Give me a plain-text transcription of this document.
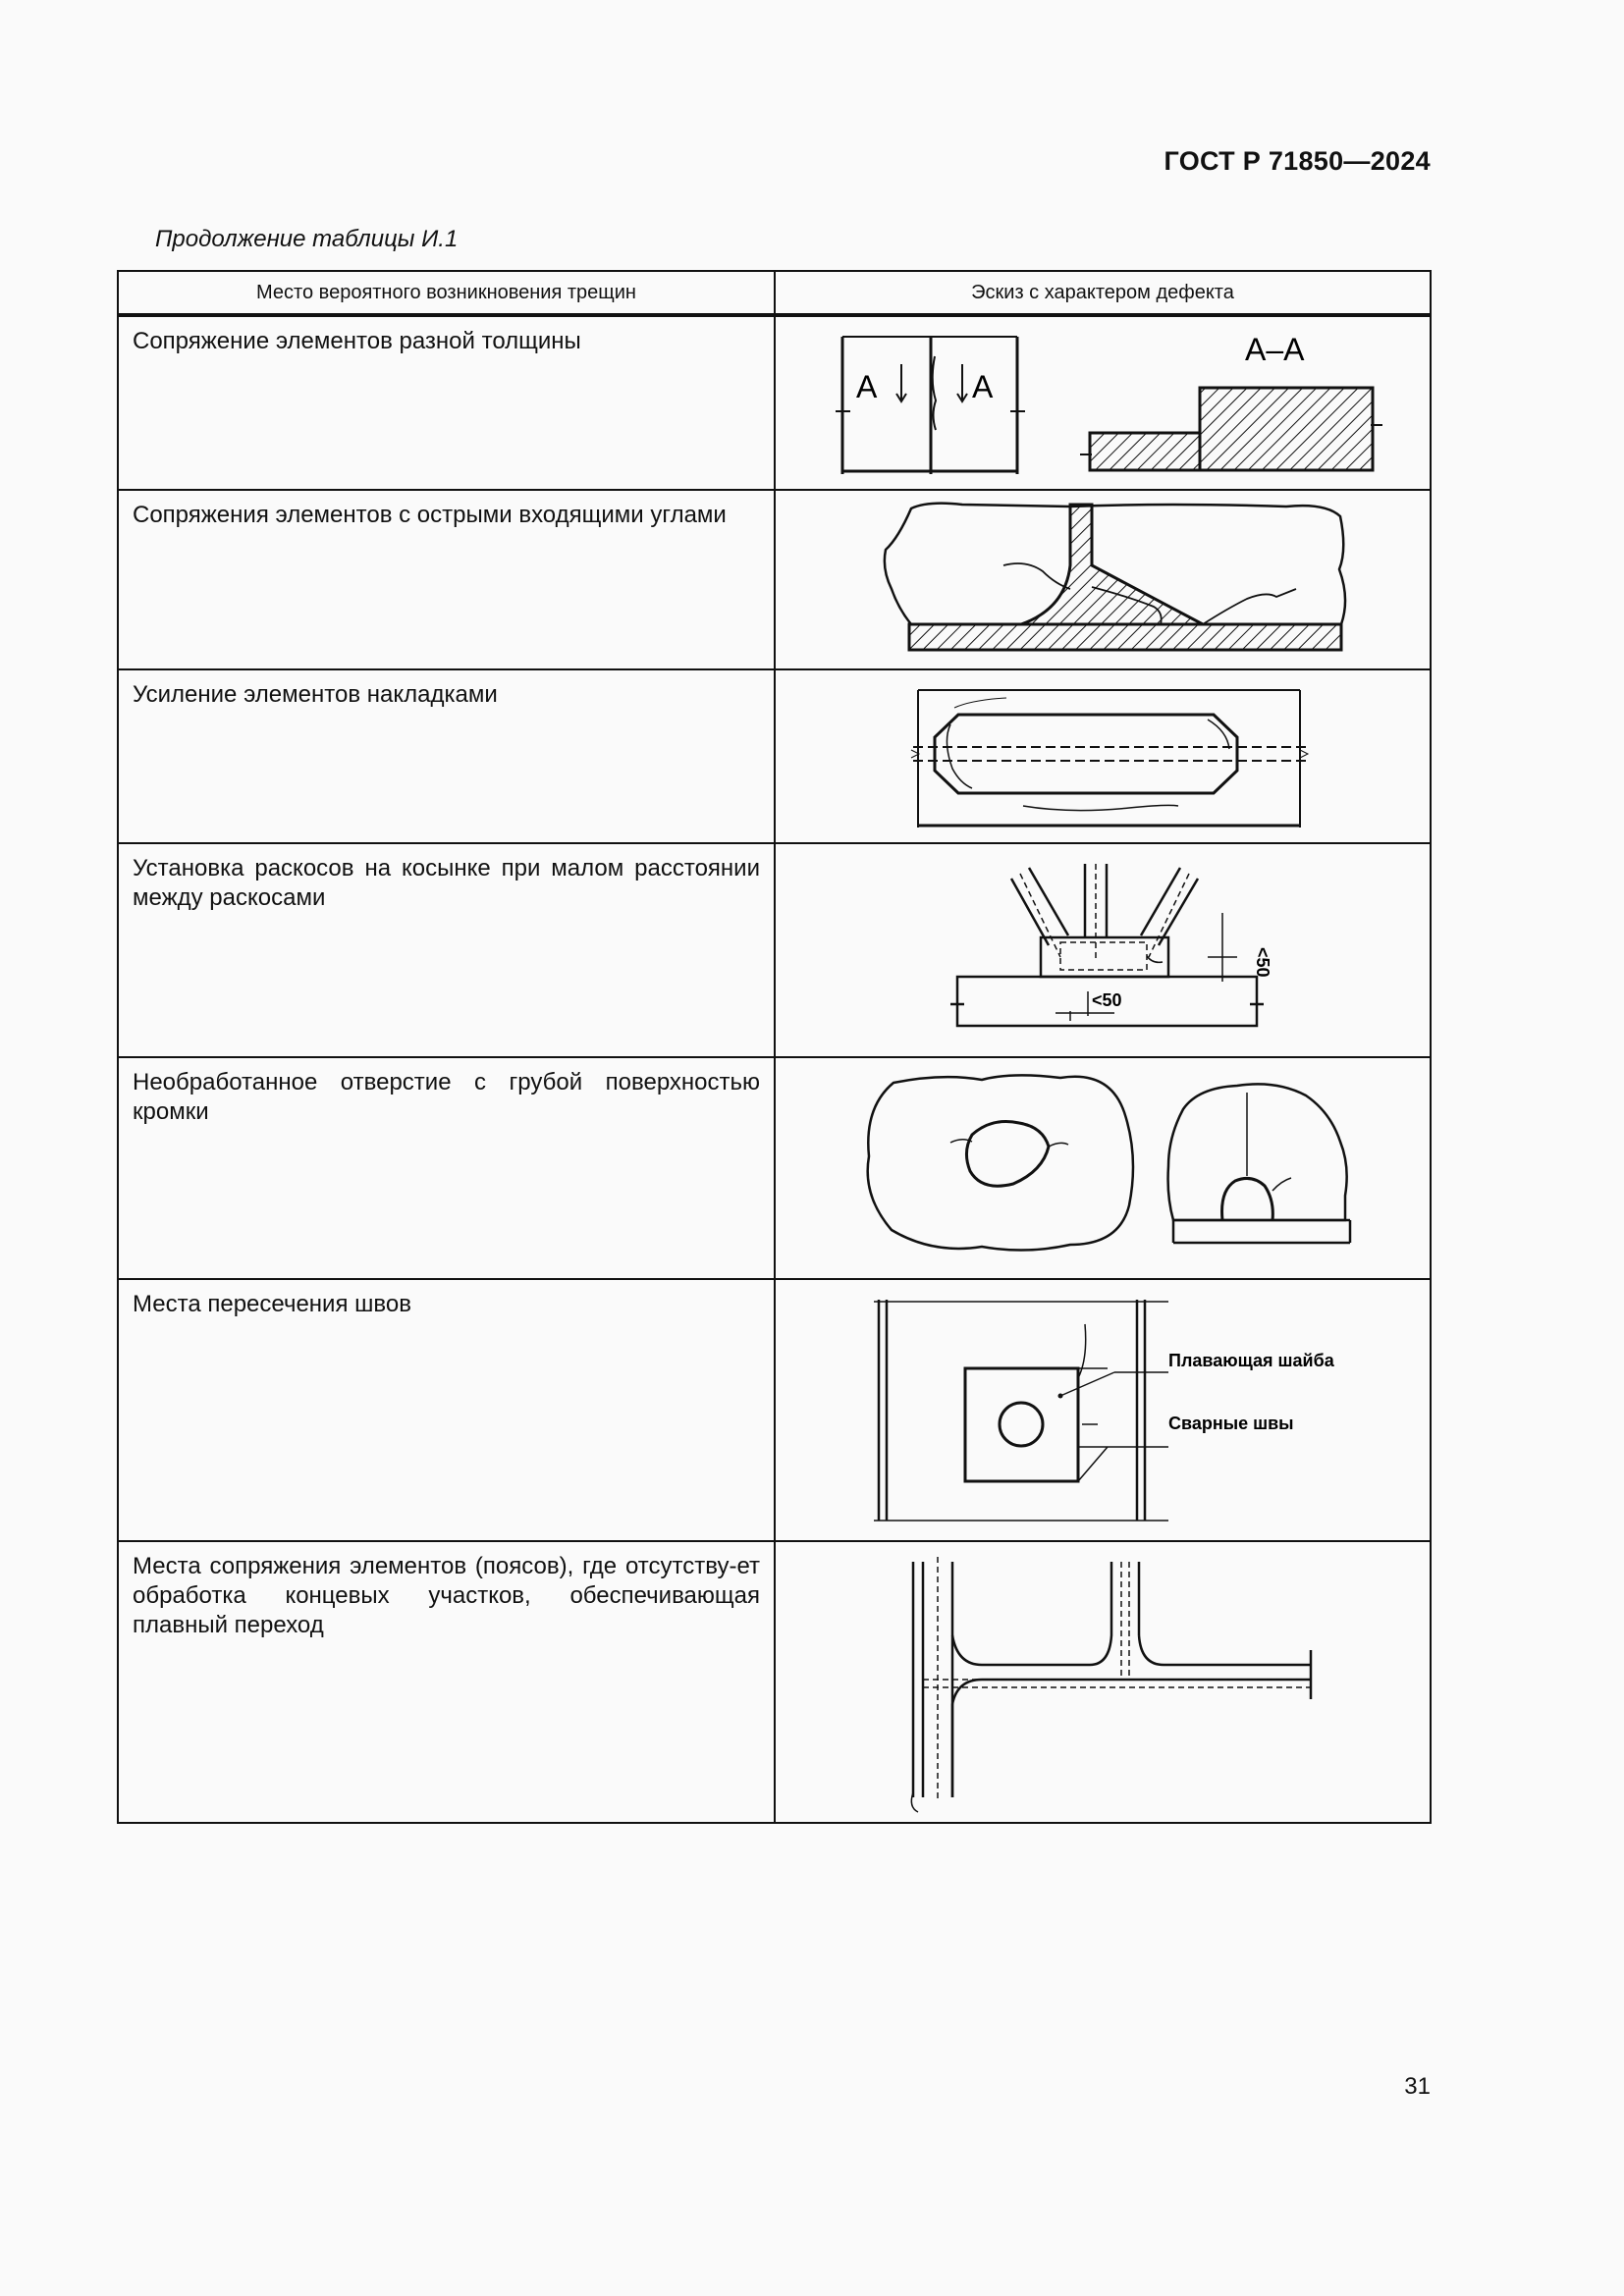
ГОСТ Р 71850—2024
Продолжение таблицы И.1
Место вероятного возникновения трещин	Эскиз с характером дефекта

Сопряжение элементов разной толщины	A A
A–A

Сопряжения элементов с острыми входящими углами

Усиление элементов накладками

Установка раскосов на косынке при малом расстоянии между раскосами	<50
<50

Необработанное отверстие с грубой поверхностью кромки

Места пересечения швов	Плавающая шайба
Сварные швы

Места сопряжения элементов (поясов), где отсутству-ет обработка концевых участков, обеспечивающая плавный переход

31
